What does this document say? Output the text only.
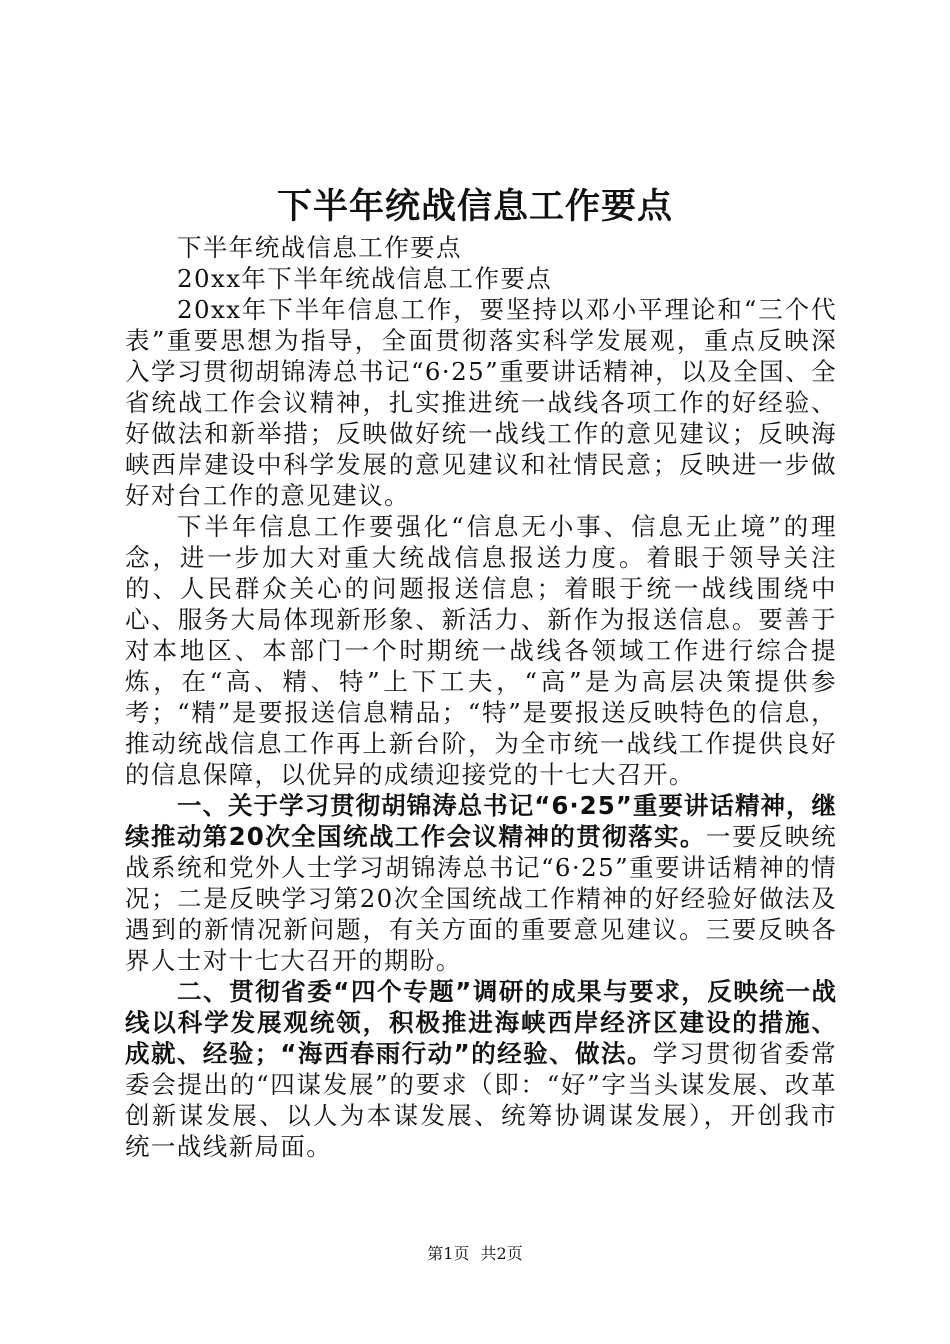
下半年统战信息工作要点

下半年统战信息工作要点

20xx年下半年统战信息工作要点

20xx年下半年信息工作，要坚持以邓小平理论和“三个代表”重要思想为指导，全面贯彻落实科学发展观，重点反映深入学习贯彻胡锦涛总书记“6·25”重要讲话精神，以及全国、全省统战工作会议精神，扎实推进统一战线各项工作的好经验、好做法和新举措；反映做好统一战线工作的意见建议；反映海峡西岸建设中科学发展的意见建议和社情民意；反映进一步做好对台工作的意见建议。

下半年信息工作要强化“信息无小事、信息无止境”的理念，进一步加大对重大统战信息报送力度。着眼于领导关注的、人民群众关心的问题报送信息；着眼于统一战线围绕中心、服务大局体现新形象、新活力、新作为报送信息。要善于对本地区、本部门一个时期统一战线各领域工作进行综合提炼，在“高、精、特”上下工夫，“高”是为高层决策提供参考；“精”是要报送信息精品；“特”是要报送反映特色的信息，推动统战信息工作再上新台阶，为全市统一战线工作提供良好的信息保障，以优异的成绩迎接党的十七大召开。

一、关于学习贯彻胡锦涛总书记“6·25”重要讲话精神，继续推动第20次全国统战工作会议精神的贯彻落实。一要反映统战系统和党外人士学习胡锦涛总书记“6·25”重要讲话精神的情况；二是反映学习第20次全国统战工作精神的好经验好做法及遇到的新情况新问题，有关方面的重要意见建议。三要反映各界人士对十七大召开的期盼。

二、贯彻省委“四个专题”调研的成果与要求，反映统一战线以科学发展观统领，积极推进海峡西岸经济区建设的措施、成就、经验；“海西春雨行动”的经验、做法。学习贯彻省委常委会提出的“四谋发展”的要求（即：“好”字当头谋发展、改革创新谋发展、以人为本谋发展、统筹协调谋发展），开创我市统一战线新局面。

第1页 共2页
